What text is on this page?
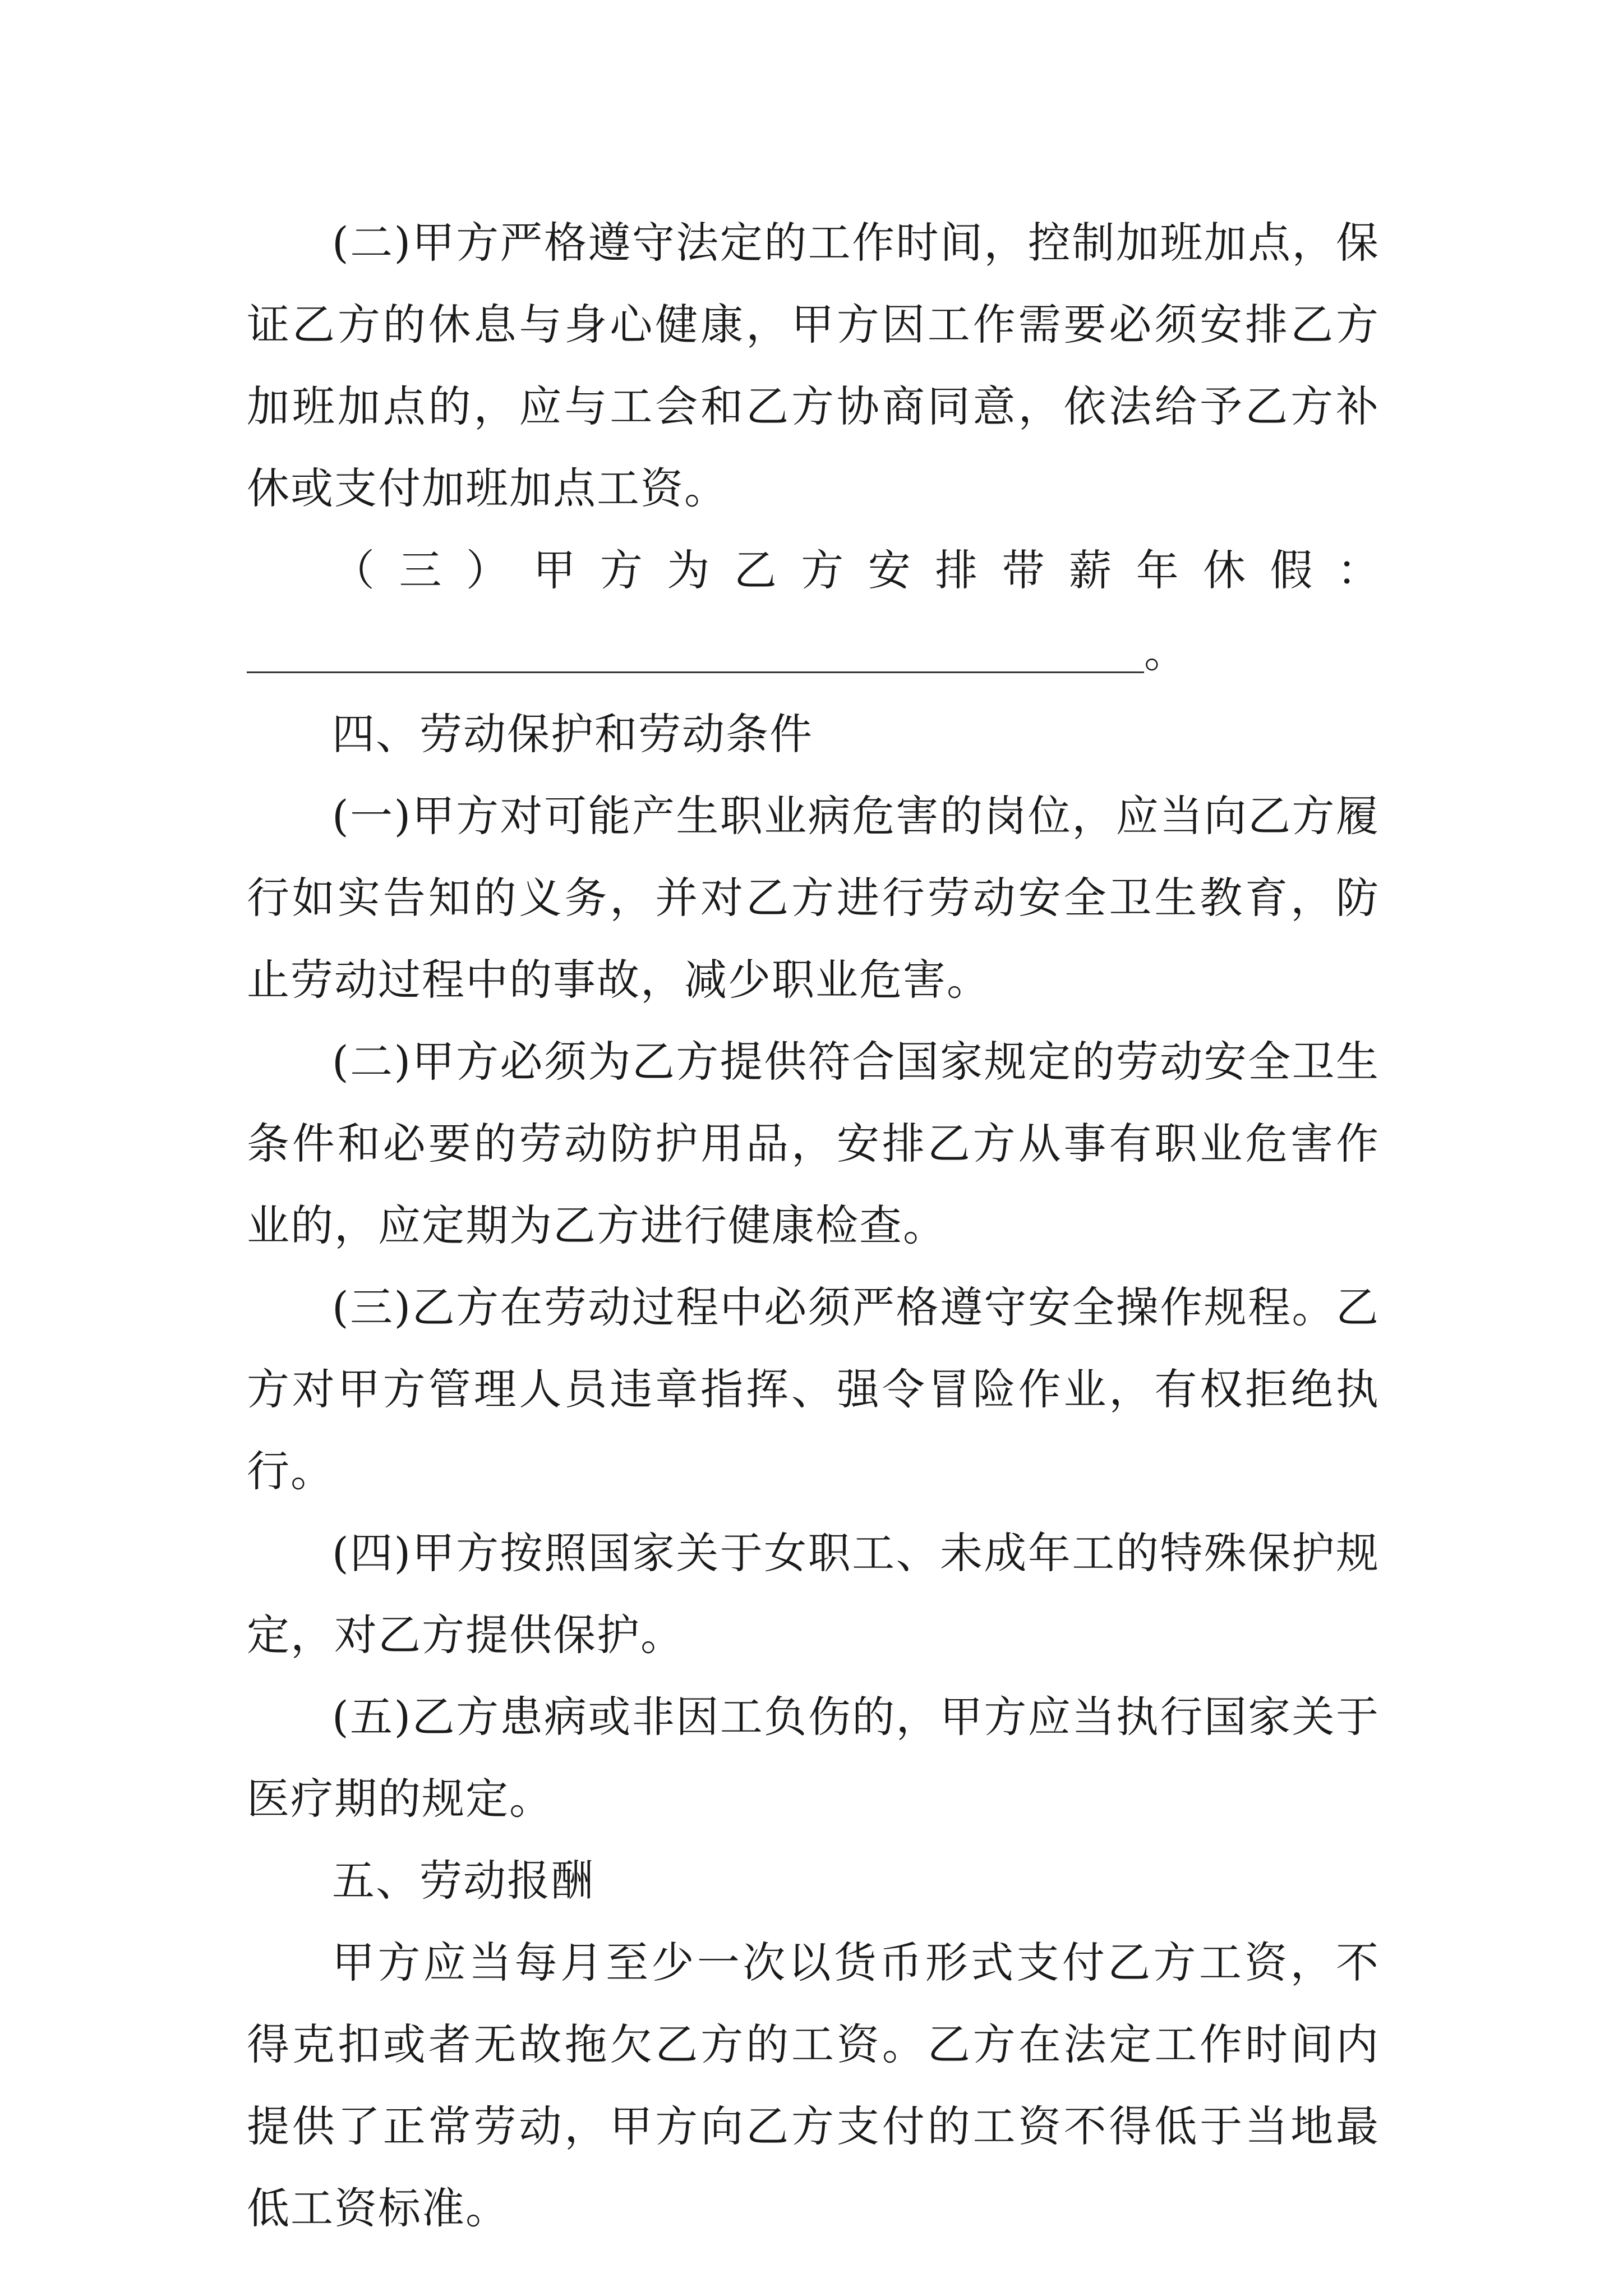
(二)甲方严格遵守法定的工作时间，控制加班加点，保证乙方的休息与身心健康，甲方因工作需要必须安排乙方加班加点的，应与工会和乙方协商同意，依法给予乙方补休或支付加班加点工资。

（三）甲方为乙方安排带薪年休假：

。

四、劳动保护和劳动条件

(一)甲方对可能产生职业病危害的岗位，应当向乙方履行如实告知的义务，并对乙方进行劳动安全卫生教育，防止劳动过程中的事故，减少职业危害。

(二)甲方必须为乙方提供符合国家规定的劳动安全卫生条件和必要的劳动防护用品，安排乙方从事有职业危害作业的，应定期为乙方进行健康检查。

(三)乙方在劳动过程中必须严格遵守安全操作规程。乙方对甲方管理人员违章指挥、强令冒险作业，有权拒绝执行。

(四)甲方按照国家关于女职工、未成年工的特殊保护规定，对乙方提供保护。

(五)乙方患病或非因工负伤的，甲方应当执行国家关于医疗期的规定。

五、劳动报酬

甲方应当每月至少一次以货币形式支付乙方工资，不得克扣或者无故拖欠乙方的工资。乙方在法定工作时间内提供了正常劳动，甲方向乙方支付的工资不得低于当地最低工资标准。
